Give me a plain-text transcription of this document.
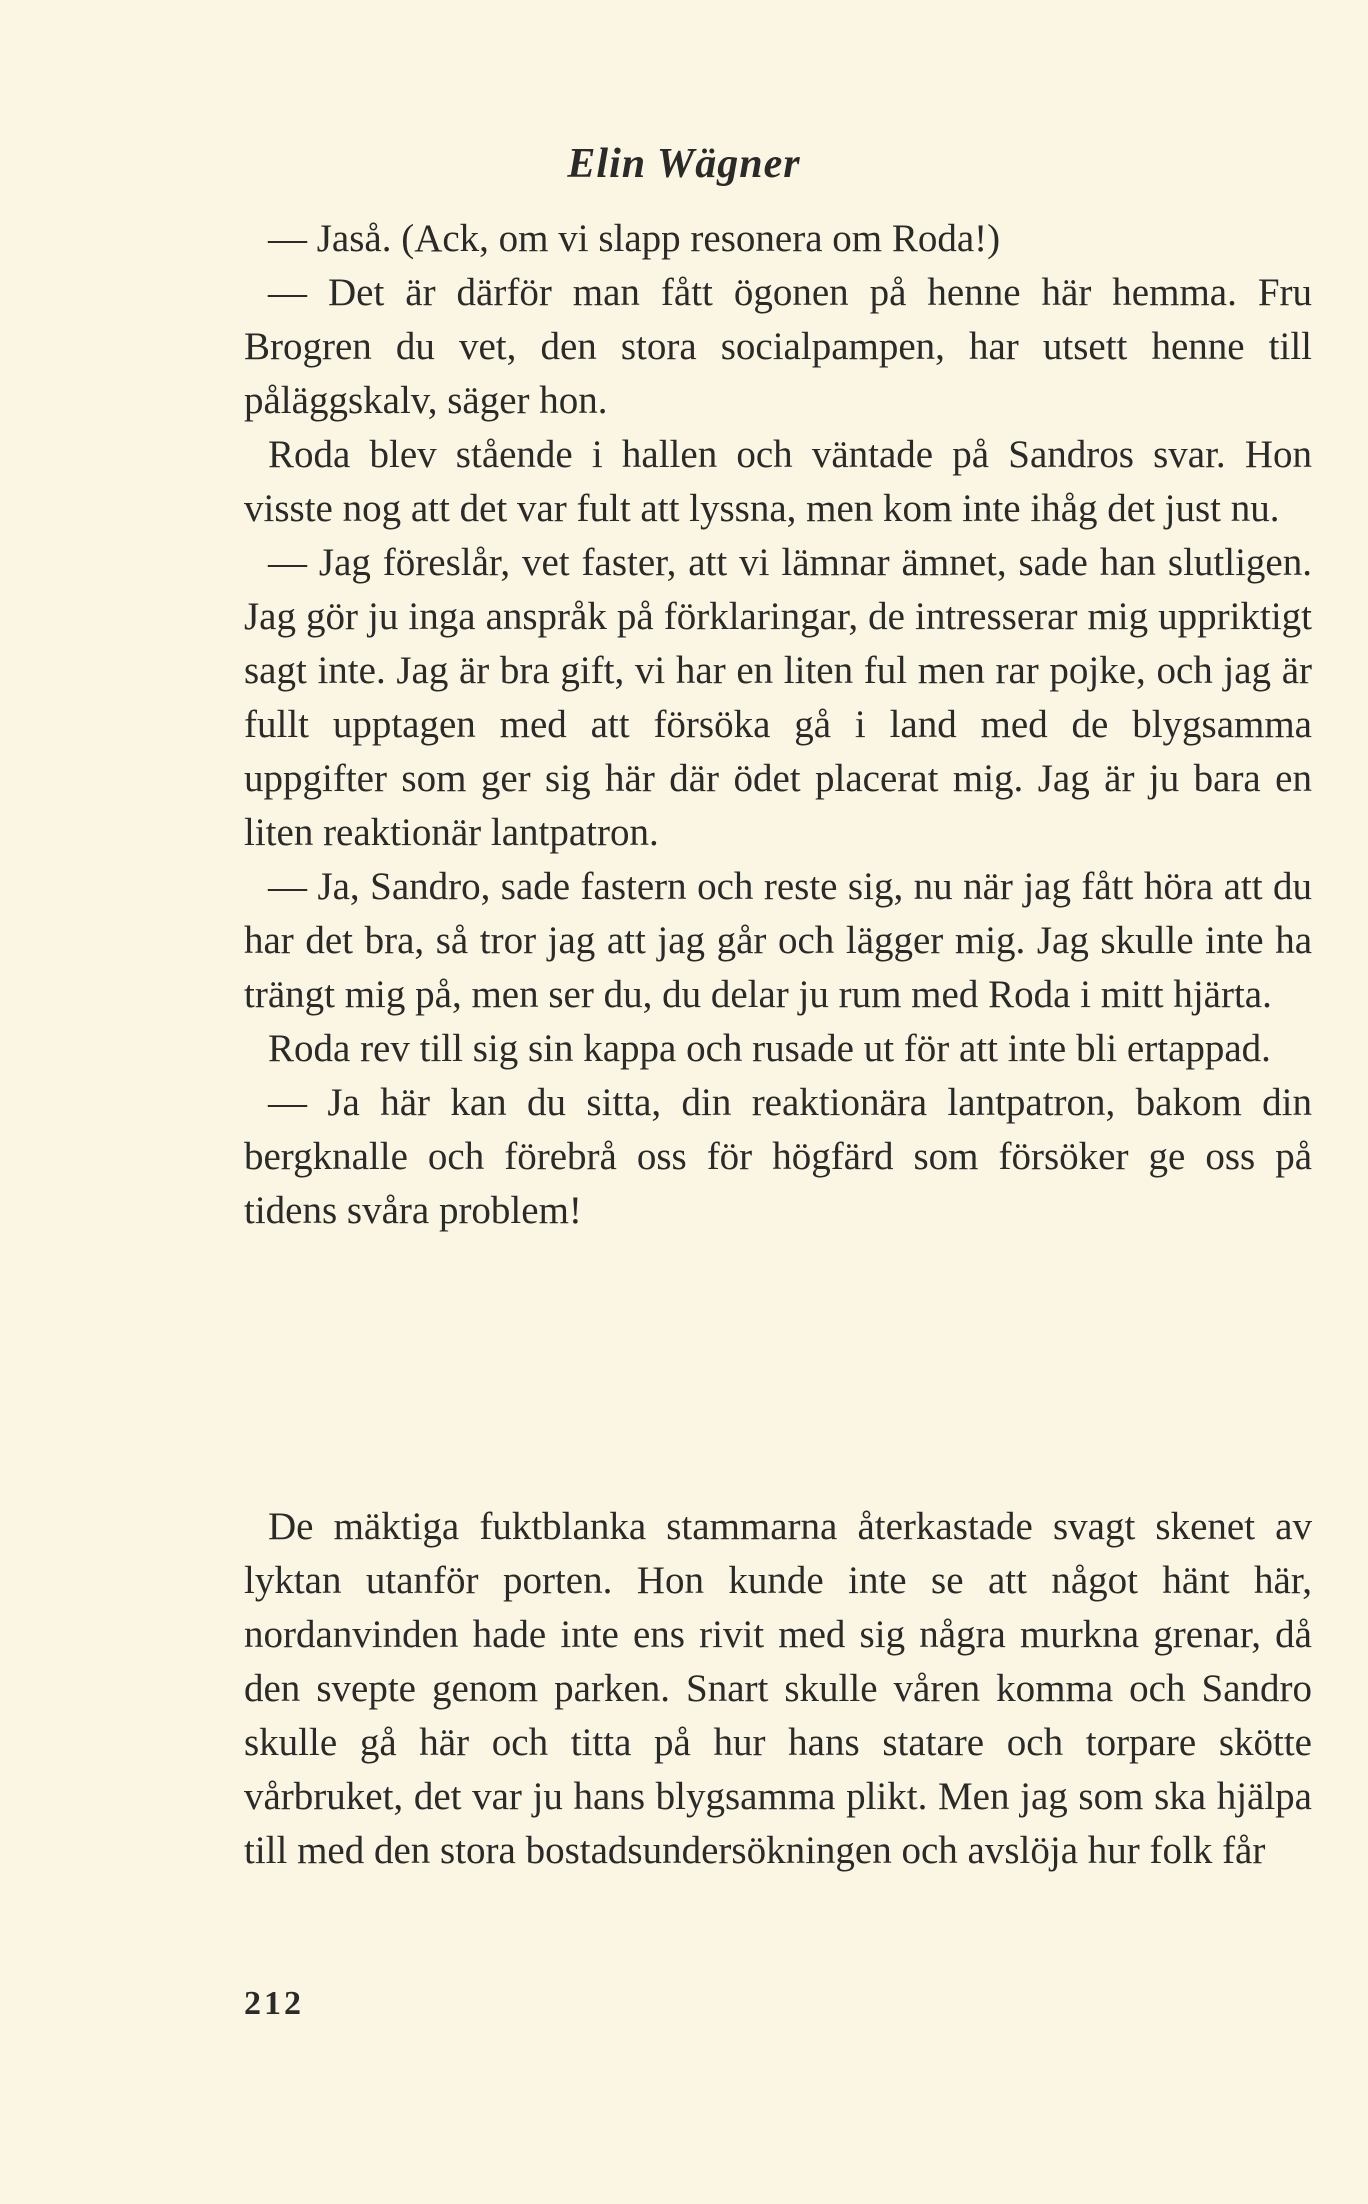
Elin Wägner

— Jaså. (Ack, om vi slapp resonera om Roda!)

— Det är därför man fått ögonen på henne här hemma. Fru Brogren du vet, den stora socialpampen, har utsett henne till påläggskalv, säger hon.

Roda blev stående i hallen och väntade på Sandros svar. Hon visste nog att det var fult att lyssna, men kom inte ihåg det just nu.

— Jag föreslår, vet faster, att vi lämnar ämnet, sade han slutligen. Jag gör ju inga anspråk på förklaringar, de intresserar mig uppriktigt sagt inte. Jag är bra gift, vi har en liten ful men rar pojke, och jag är fullt upptagen med att försöka gå i land med de blygsamma uppgifter som ger sig här där ödet placerat mig. Jag är ju bara en liten reaktionär lantpatron.

— Ja, Sandro, sade fastern och reste sig, nu när jag fått höra att du har det bra, så tror jag att jag går och lägger mig. Jag skulle inte ha trängt mig på, men ser du, du delar ju rum med Roda i mitt hjärta.

Roda rev till sig sin kappa och rusade ut för att inte bli ertappad.

— Ja här kan du sitta, din reaktionära lantpatron, bakom din bergknalle och förebrå oss för högfärd som försöker ge oss på tidens svåra problem!

De mäktiga fuktblanka stammarna återkastade svagt skenet av lyktan utanför porten. Hon kunde inte se att något hänt här, nordanvinden hade inte ens rivit med sig några murkna grenar, då den svepte genom parken. Snart skulle våren komma och Sandro skulle gå här och titta på hur hans statare och torpare skötte vårbruket, det var ju hans blygsamma plikt. Men jag som ska hjälpa till med den stora bostadsundersökningen och avslöja hur folk får

212
